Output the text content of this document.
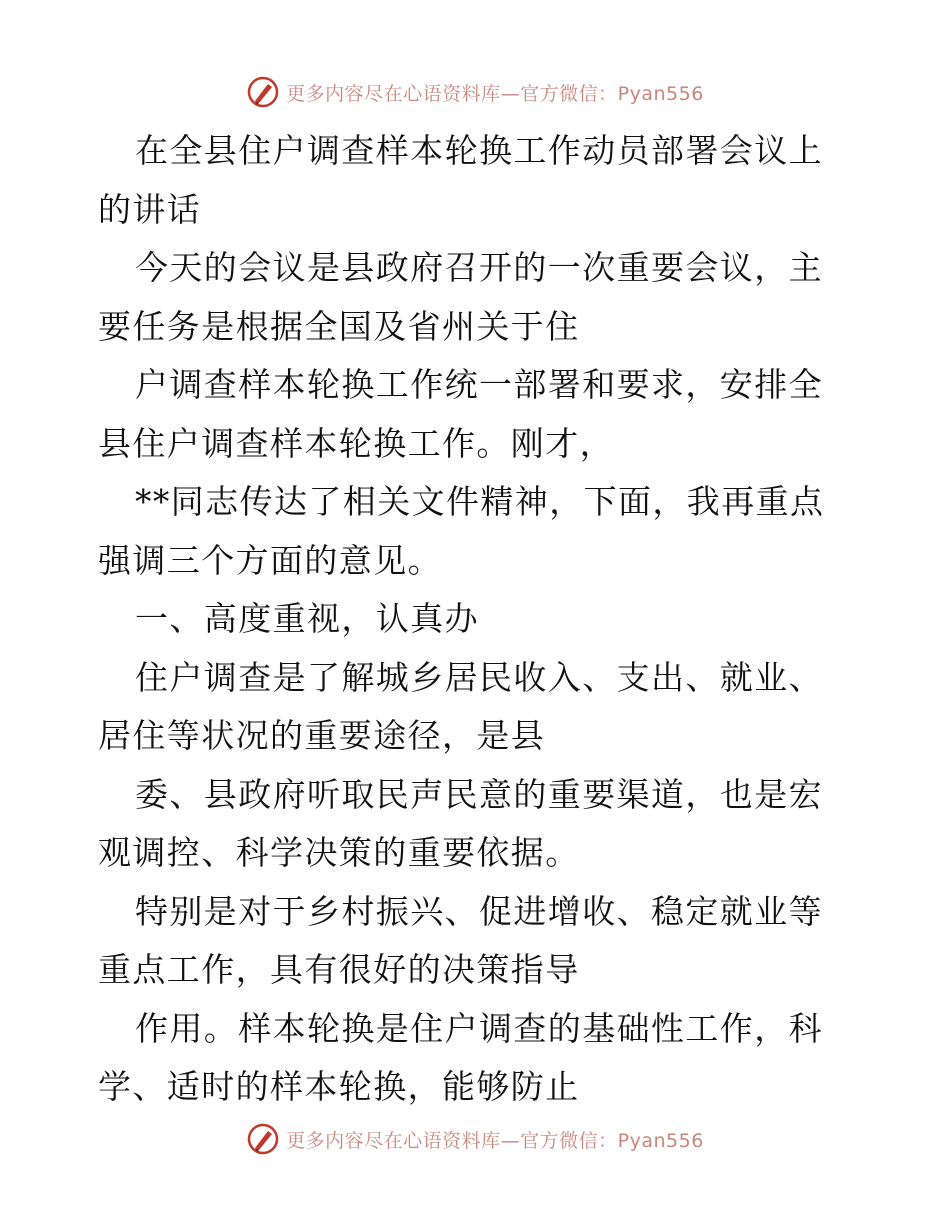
更多内容尽在心语资料库—官方微信：Pyan556

在全县住户调查样本轮换工作动员部署会议上的讲话

今天的会议是县政府召开的一次重要会议，主要任务是根据全国及省州关于住

户调查样本轮换工作统一部署和要求，安排全县住户调查样本轮换工作。刚才，

**同志传达了相关文件精神，下面，我再重点强调三个方面的意见。

一、高度重视，认真办

住户调查是了解城乡居民收入、支出、就业、居住等状况的重要途径，是县

委、县政府听取民声民意的重要渠道，也是宏观调控、科学决策的重要依据。

特别是对于乡村振兴、促进增收、稳定就业等重点工作，具有很好的决策指导

作用。样本轮换是住户调查的基础性工作，科学、适时的样本轮换，能够防止

更多内容尽在心语资料库—官方微信：Pyan556
